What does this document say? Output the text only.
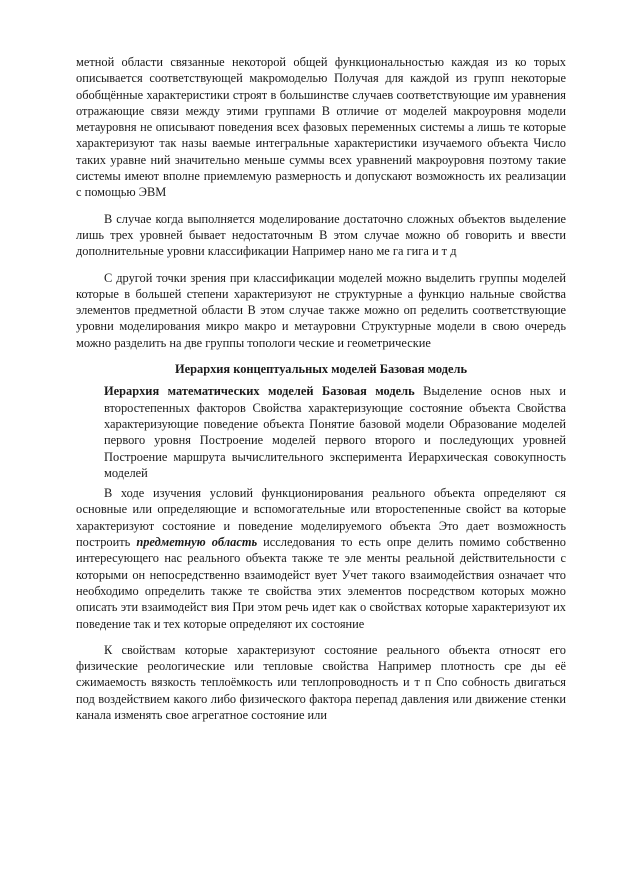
метной области связанные некоторой общей функциональностью каждая из ко торых описывается соответствующей макромоделью Получая для каждой из групп некоторые обобщённые характеристики строят в большинстве случаев соответствующие им уравнения отражающие связи между этими группами В отличие от моделей макроуровня модели метауровня не описывают поведения всех фазовых переменных системы а лишь те которые характеризуют так назы ваемые интегральные характеристики изучаемого объекта Число таких уравне ний значительно меньше суммы всех уравнений макроуровня поэтому такие системы имеют вполне приемлемую размерность и допускают возможность их реализации с помощью ЭВМ

В случае когда выполняется моделирование достаточно сложных объектов выделение лишь трех уровней бывает недостаточным В этом случае можно об говорить и ввести дополнительные уровни классификации Например нано ме га гига и т д

С другой точки зрения при классификации моделей можно выделить группы моделей которые в большей степени характеризуют не структурные а функцио нальные свойства элементов предметной области В этом случае также можно оп ределить соответствующие уровни моделирования микро макро и метауровни Структурные модели в свою очередь можно разделить на две группы топологи ческие и геометрические

Иерархия концептуальных моделей Базовая модель

Иерархия математических моделей Базовая модель Выделение основ ных и второстепенных факторов Свойства характеризующие состояние объекта Свойства характеризующие поведение объекта Понятие базовой модели Образование моделей первого уровня Построение моделей первого второго и последующих уровней Построение маршрута вычислительного эксперимента Иерархическая совокупность моделей

В ходе изучения условий функционирования реального объекта определяют ся основные или определяющие и вспомогательные или второстепенные свойст ва которые характеризуют состояние и поведение моделируемого объекта Это дает возможность построить предметную область исследования то есть опре делить помимо собственно интересующего нас реального объекта также те эле менты реальной действительности с которыми он непосредственно взаимодейст вует Учет такого взаимодействия означает что необходимо определить также те свойства этих элементов посредством которых можно описать эти взаимодейст вия При этом речь идет как о свойствах которые характеризуют их поведение так и тех которые определяют их состояние

К свойствам которые характеризуют состояние реального объекта относят его физические реологические или тепловые свойства Например плотность сре ды её сжимаемость вязкость теплоёмкость или теплопроводность и т п Спо собность двигаться под воздействием какого либо физического фактора перепад давления или движение стенки канала изменять свое агрегатное состояние или
